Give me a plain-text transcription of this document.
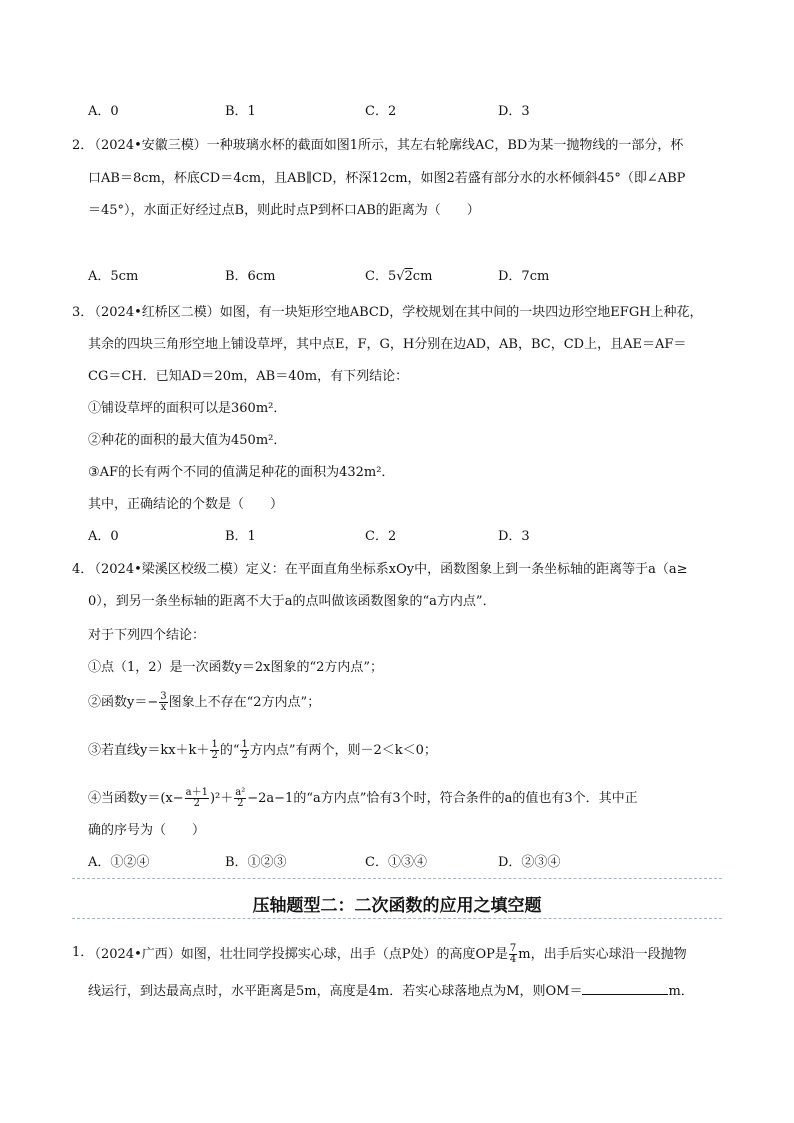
A．0	B．1	C．2	D．3
2．
（2024•安徽三模）一种玻璃水杯的截面如图1所示，其左右轮廓线AC，BD为某一抛物线的一部分，杯
口AB＝8cm，杯底CD＝4cm，且AB∥CD，杯深12cm，如图2若盛有部分水的水杯倾斜45°（即∠ABP
＝45°），水面正好经过点B，则此时点P到杯口AB的距离为（　　）
A．5cm	B．6cm	C．5√2cm	D．7cm
3．
（2024•红桥区二模）如图，有一块矩形空地ABCD，学校规划在其中间的一块四边形空地EFGH上种花，
其余的四块三角形空地上铺设草坪，其中点E，F，G，H分别在边AD，AB，BC，CD上，且AE＝AF＝
CG＝CH．已知AD＝20m，AB＝40m，有下列结论：
①铺设草坪的面积可以是360m²．
②种花的面积的最大值为450m²．
③AF的长有两个不同的值满足种花的面积为432m²．
其中，正确结论的个数是（　　）
A．0	B．1	C．2	D．3
4．
（2024•梁溪区校级二模）定义：在平面直角坐标系xOy中，函数图象上到一条坐标轴的距离等于a（a≥
0），到另一条坐标轴的距离不大于a的点叫做该函数图象的“a方内点”．
对于下列四个结论：
①点（1，2）是一次函数y＝2x图象的“2方内点”；
②函数$y=- \frac{3}{x}$ 图象上不存在“2方内点”；
③若直线$y=kx+k+ \frac{1}{2}$ 的“ $\frac{1}{2}$ 方内点”有两个，则－2＜k＜0；
④当函数$y=(x- \frac{a+1}{2} )^2+ \frac{\text{a²}}{2} -2a-1$的“a方内点”恰有3个时，符合条件的a的值也有3个．其中正
确的序号为（　　）
A．①②④	B．①②③	C．①③④	D．②③④
压轴题型二：二次函数的应用之填空题
1．
（2024•广西）如图，壮壮同学投掷实心球，出手（点P处）的高度OP是 $\frac{7}{4}$ m，出手后实心球沿一段抛物
线运行，到达最高点时，水平距离是5m，高度是4m．若实心球落地点为M，则OM＝	m．
